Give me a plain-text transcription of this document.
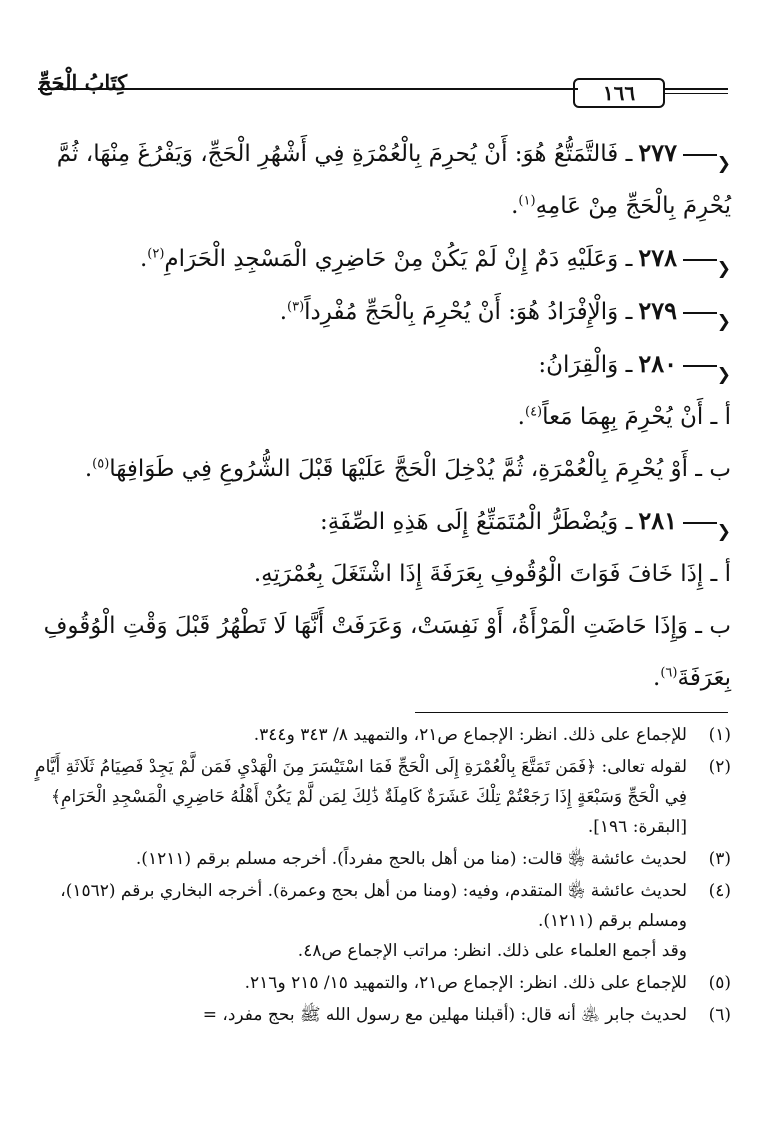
١٦٦
كِتَابُ الْحَجِّ

❮
٢٧٧ـ فَالتَّمَتُّعُ هُوَ: أَنْ يُحرِمَ بِالْعُمْرَةِ فِي أَشْهُرِ الْحَجِّ، وَيَفْرُغَ مِنْهَا، ثُمَّ يُحْرِمَ بِالْحَجِّ مِنْ عَامِهِ$^{(١)}$.

❮
٢٧٨ـ وَعَلَيْهِ دَمٌ إِنْ لَمْ يَكُنْ مِنْ حَاضِرِي الْمَسْجِدِ الْحَرَامِ$^{(٢)}$.

❮
٢٧٩ـ وَالْإِفْرَادُ هُوَ: أَنْ يُحْرِمَ بِالْحَجِّ مُفْرِداً$^{(٣)}$.

❮
٢٨٠ـ وَالْقِرَانُ:

أ ـ أَنْ يُحْرِمَ بِهِمَا مَعاً$^{(٤)}$.

ب ـ أَوْ يُحْرِمَ بِالْعُمْرَةِ، ثُمَّ يُدْخِلَ الْحَجَّ عَلَيْهَا قَبْلَ الشُّرُوعِ فِي طَوَافِهَا$^{(٥)}$.

❮
٢٨١ـ وَيُضْطَرُّ الْمُتَمَتِّعُ إِلَى هَذِهِ الصِّفَةِ:

أ ـ إِذَا خَافَ فَوَاتَ الْوُقُوفِ بِعَرَفَةَ إِذَا اشْتَغَلَ بِعُمْرَتِهِ.

ب ـ وَإِذَا حَاضَتِ الْمَرْأَةُ، أَوْ نَفِسَتْ، وَعَرَفَتْ أَنَّهَا لَا تَطْهُرُ قَبْلَ وَقْتِ الْوُقُوفِ بِعَرَفَةَ$^{(٦)}$.

(١)
للإجماع على ذلك. انظر: الإجماع ص٢١، والتمهيد ٨/ ٣٤٣ و٣٤٤.

(٢)
لقوله تعالى: ﴿فَمَن تَمَتَّعَ بِالْعُمْرَةِ إِلَى الْحَجِّ فَمَا اسْتَيْسَرَ مِنَ الْهَدْيِ فَمَن لَّمْ يَجِدْ فَصِيَامُ ثَلَاثَةِ أَيَّامٍ فِي الْحَجِّ وَسَبْعَةٍ إِذَا رَجَعْتُمْ تِلْكَ عَشَرَةٌ كَامِلَةٌ ذَٰلِكَ لِمَن لَّمْ يَكُنْ أَهْلُهُ حَاضِرِي الْمَسْجِدِ الْحَرَامِ﴾
[البقرة: ١٩٦].

(٣)
لحديث عائشة ﵂ قالت: (منا من أهل بالحج مفرداً). أخرجه مسلم برقم (١٢١١).

(٤)
لحديث عائشة ﵂ المتقدم، وفيه: (ومنا من أهل بحج وعمرة). أخرجه البخاري برقم (١٥٦٢)، ومسلم برقم (١٢١١).
وقد أجمع العلماء على ذلك. انظر: مراتب الإجماع ص٤٨.

(٥)
للإجماع على ذلك. انظر: الإجماع ص٢١، والتمهيد ١٥/ ٢١٥ و٢١٦.

(٦)
لحديث جابر ﵁ أنه قال: (أقبلنا مهلين مع رسول الله ﷺ بحج مفرد، =
